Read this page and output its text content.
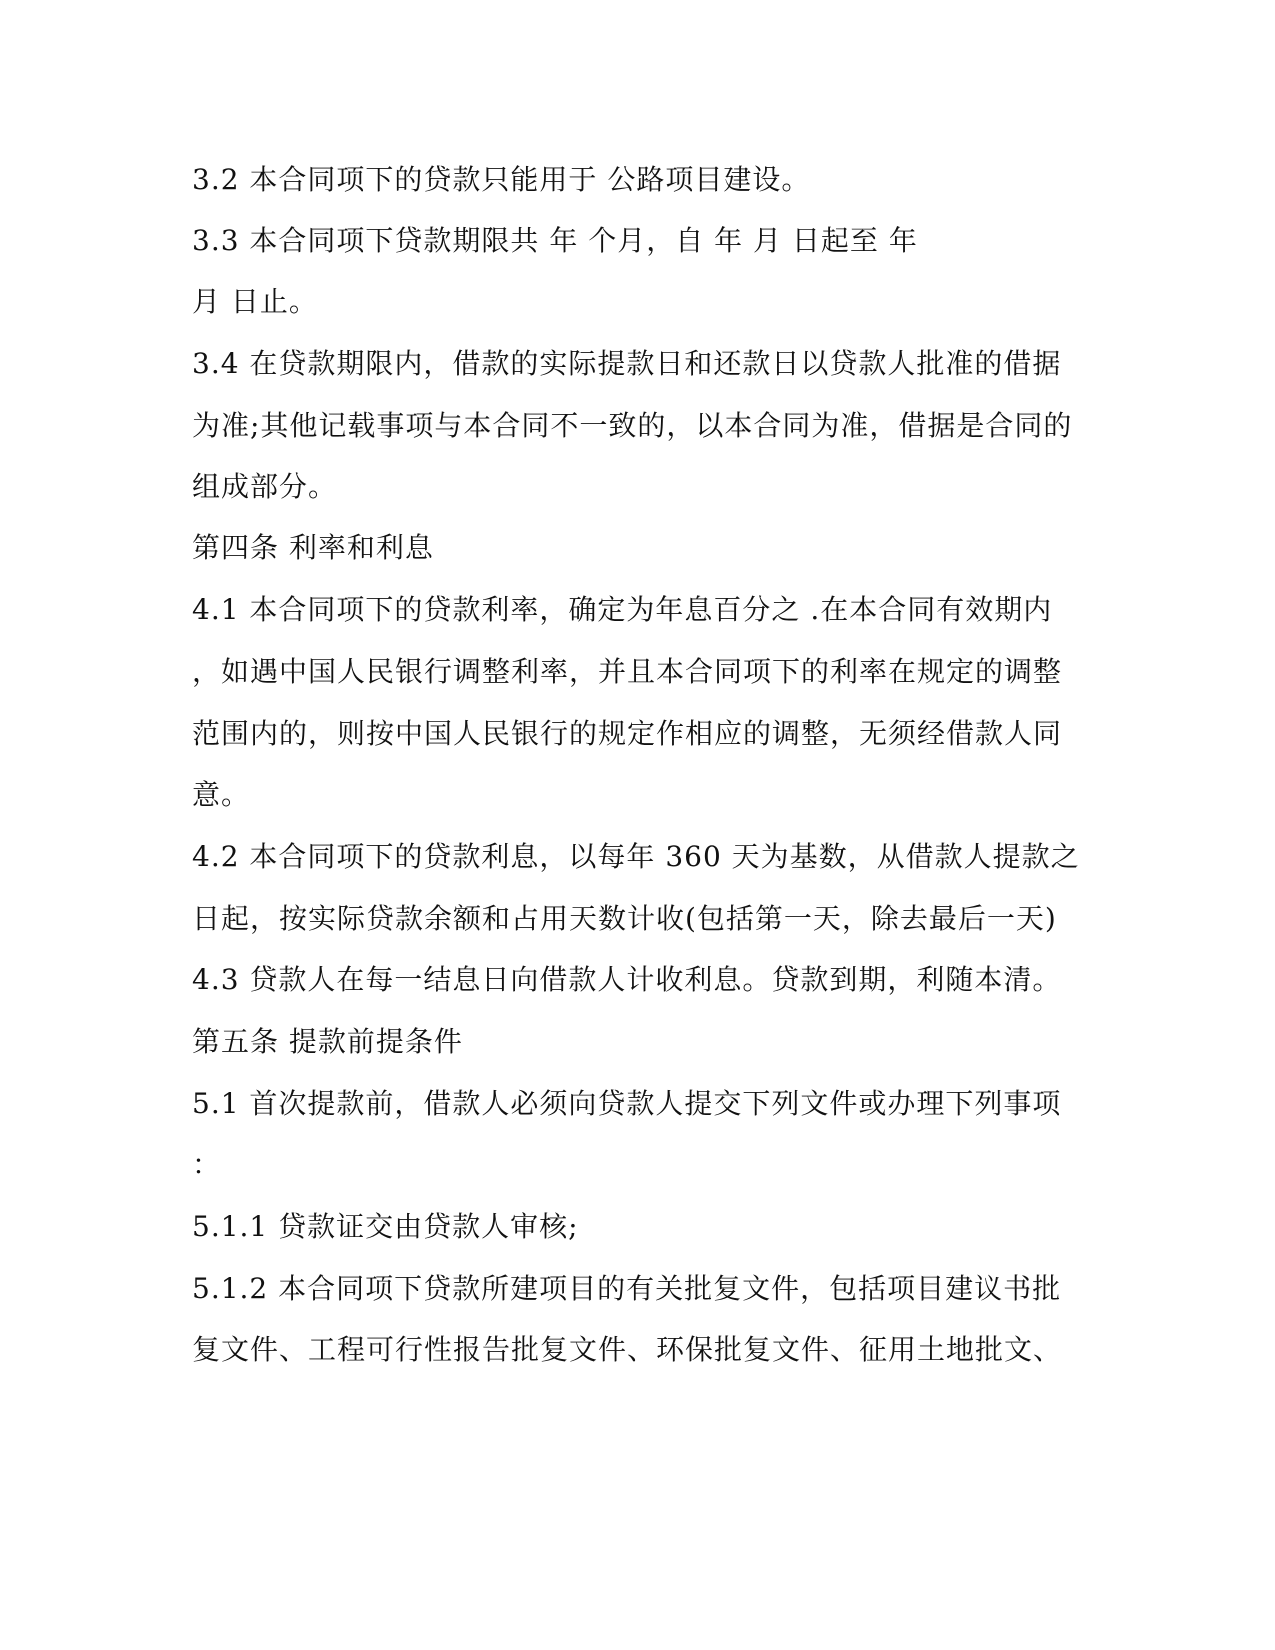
3.2 本合同项下的贷款只能用于 公路项目建设。
3.3 本合同项下贷款期限共 年 个月，自 年 月 日起至 年
月 日止。
3.4 在贷款期限内，借款的实际提款日和还款日以贷款人批准的借据
为准;其他记载事项与本合同不一致的，以本合同为准，借据是合同的
组成部分。
第四条 利率和利息
4.1 本合同项下的贷款利率，确定为年息百分之 .在本合同有效期内
，如遇中国人民银行调整利率，并且本合同项下的利率在规定的调整
范围内的，则按中国人民银行的规定作相应的调整，无须经借款人同
意。
4.2 本合同项下的贷款利息，以每年 360 天为基数，从借款人提款之
日起，按实际贷款余额和占用天数计收(包括第一天，除去最后一天)
4.3 贷款人在每一结息日向借款人计收利息。贷款到期，利随本清。
第五条 提款前提条件
5.1 首次提款前，借款人必须向贷款人提交下列文件或办理下列事项
：
5.1.1 贷款证交由贷款人审核;
5.1.2 本合同项下贷款所建项目的有关批复文件，包括项目建议书批
复文件、工程可行性报告批复文件、环保批复文件、征用土地批文、
